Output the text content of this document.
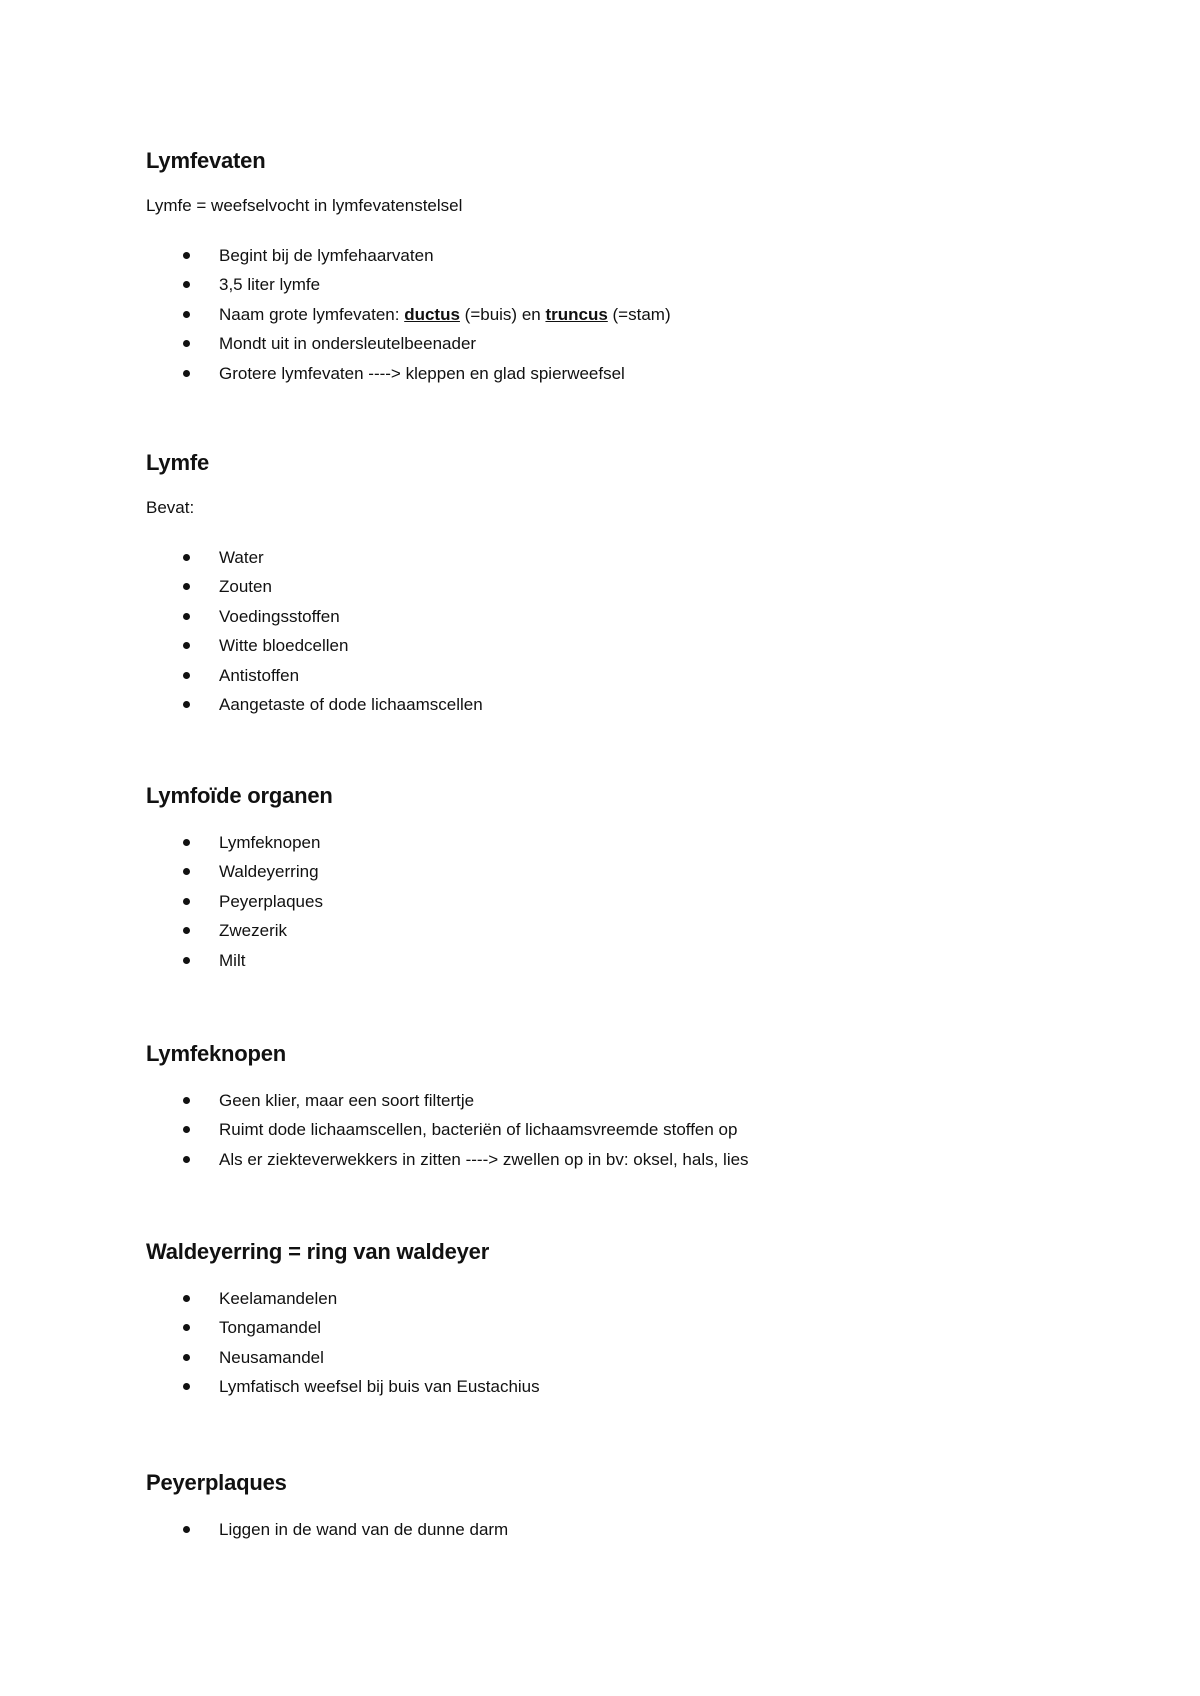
Lymfevaten

Lymfe = weefselvocht in lymfevatenstelsel

Begint bij de lymfehaarvaten
3,5 liter lymfe
Naam grote lymfevaten: ductus (=buis) en truncus (=stam)
Mondt uit in ondersleutelbeenader
Grotere lymfevaten ----> kleppen en glad spierweefsel
Lymfe

Bevat:

Water
Zouten
Voedingsstoffen
Witte bloedcellen
Antistoffen
Aangetaste of dode lichaamscellen
Lymfoïde organen
Lymfeknopen
Waldeyerring
Peyerplaques
Zwezerik
Milt
Lymfeknopen
Geen klier, maar een soort filtertje
Ruimt dode lichaamscellen, bacteriën of lichaamsvreemde stoffen op
Als er ziekteverwekkers in zitten ----> zwellen op in bv: oksel, hals, lies
Waldeyerring = ring van waldeyer
Keelamandelen
Tongamandel
Neusamandel
Lymfatisch weefsel bij buis van Eustachius
Peyerplaques
Liggen in de wand van de dunne darm
